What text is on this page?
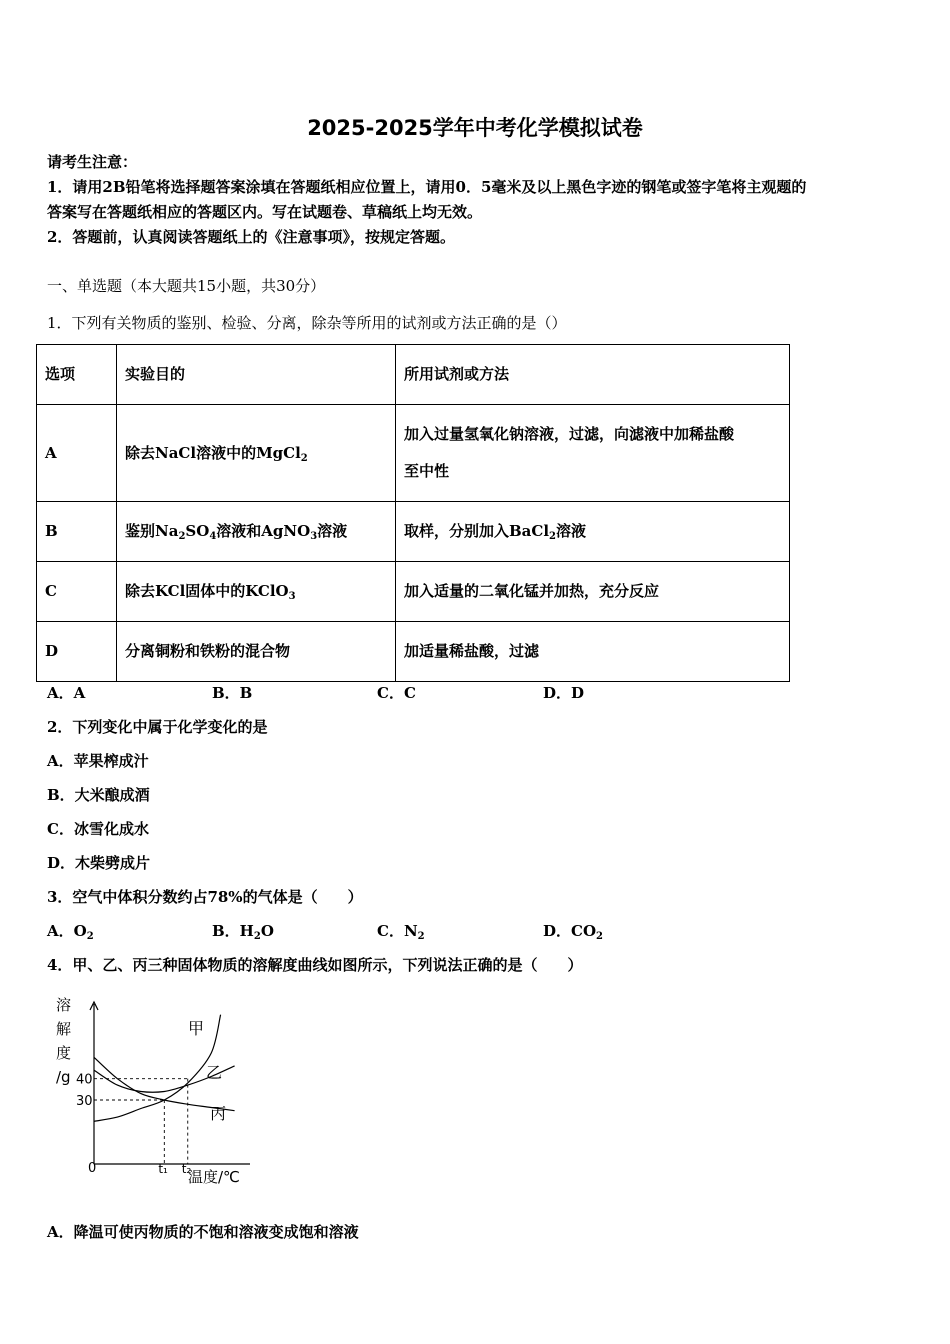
2025-2025学年中考化学模拟试卷
请考生注意：
1．请用2B铅笔将选择题答案涂填在答题纸相应位置上，请用0．5毫米及以上黑色字迹的钢笔或签字笔将主观题的
答案写在答题纸相应的答题区内。写在试题卷、草稿纸上均无效。
2．答题前，认真阅读答题纸上的《注意事项》，按规定答题。
一、单选题（本大题共15小题，共30分）
1．下列有关物质的鉴别、检验、分离，除杂等所用的试剂或方法正确的是（）
选项	实验目的	所用试剂或方法
A	除去NaCl溶液中的MgCl$_2$	加入过量氢氧化钠溶液，过滤，向滤液中加稀盐酸
至中性

B	鉴别$Na_2SO_4$溶液和AgNO$_3$溶液	取样，分别加入BaCl$_2$溶液
C	除去KCl固体中的KClO$_3$	加入适量的二氧化锰并加热，充分反应
D	分离铜粉和铁粉的混合物	加适量稀盐酸，过滤
A．A	B．B	C．C	D．D
2．下列变化中属于化学变化的是
A．苹果榨成汁
B．大米酿成酒
C．冰雪化成水
D．木柴劈成片
3．空气中体积分数约占78%的气体是（　　）
A．$O_2$	B．$H_2O$	C．$N_2$	D．$CO_2$
4．甲、乙、丙三种固体物质的溶解度曲线如图所示，下列说法正确的是（　　）
甲
乙
丙
溶
解
度
/g 40
30
0	t₁ t₂
温度/℃
A．降温可使丙物质的不饱和溶液变成饱和溶液
